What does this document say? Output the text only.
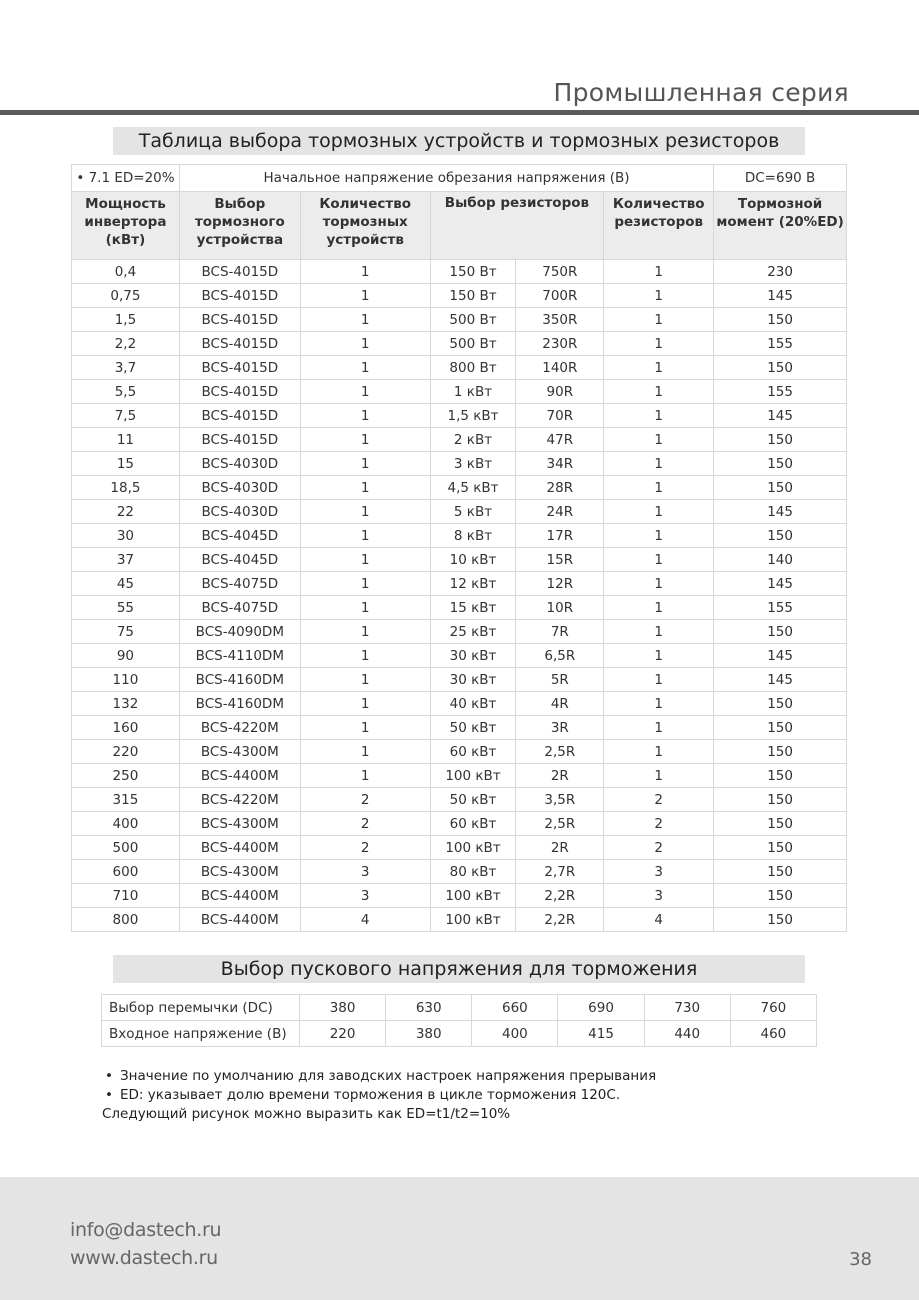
Промышленная серия
Таблица выбора тормозных устройств и тормозных резисторов
• 7.1 ED=20%	Начальное напряжение обрезания напряжения (В)					DC=690 В
Мощность инвертора (кВт)	Выбор тормозного устройства	Количество тормозных устройств	Выбор резисторов		Количество резисторов	Тормозной момент (20%ED)
0,4	BCS-4015D	1	150 Вт	750R	1	230
0,75	BCS-4015D	1	150 Вт	700R	1	145
1,5	BCS-4015D	1	500 Вт	350R	1	150
2,2	BCS-4015D	1	500 Вт	230R	1	155
3,7	BCS-4015D	1	800 Вт	140R	1	150
5,5	BCS-4015D	1	1 кВт	90R	1	155
7,5	BCS-4015D	1	1,5 кВт	70R	1	145
11	BCS-4015D	1	2 кВт	47R	1	150
15	BCS-4030D	1	3 кВт	34R	1	150
18,5	BCS-4030D	1	4,5 кВт	28R	1	150
22	BCS-4030D	1	5 кВт	24R	1	145
30	BCS-4045D	1	8 кВт	17R	1	150
37	BCS-4045D	1	10 кВт	15R	1	140
45	BCS-4075D	1	12 кВт	12R	1	145
55	BCS-4075D	1	15 кВт	10R	1	155
75	BCS-4090DM	1	25 кВт	7R	1	150
90	BCS-4110DM	1	30 кВт	6,5R	1	145
110	BCS-4160DM	1	30 кВт	5R	1	145
132	BCS-4160DM	1	40 кВт	4R	1	150
160	BCS-4220M	1	50 кВт	3R	1	150
220	BCS-4300M	1	60 кВт	2,5R	1	150
250	BCS-4400M	1	100 кВт	2R	1	150
315	BCS-4220M	2	50 кВт	3,5R	2	150
400	BCS-4300M	2	60 кВт	2,5R	2	150
500	BCS-4400M	2	100 кВт	2R	2	150
600	BCS-4300M	3	80 кВт	2,7R	3	150
710	BCS-4400M	3	100 кВт	2,2R	3	150
800	BCS-4400M	4	100 кВт	2,2R	4	150
Выбор пускового напряжения для торможения
Выбор перемычки (DC)	380	630	660	690	730	760
Входное напряжение (В)	220	380	400	415	440	460
• Значение по умолчанию для заводских настроек напряжения прерывания
• ED: указывает долю времени торможения в цикле торможения 120С.
Следующий рисунок можно выразить как ED=t1/t2=10%
info@dastech.ru
www.dastech.ru	38
